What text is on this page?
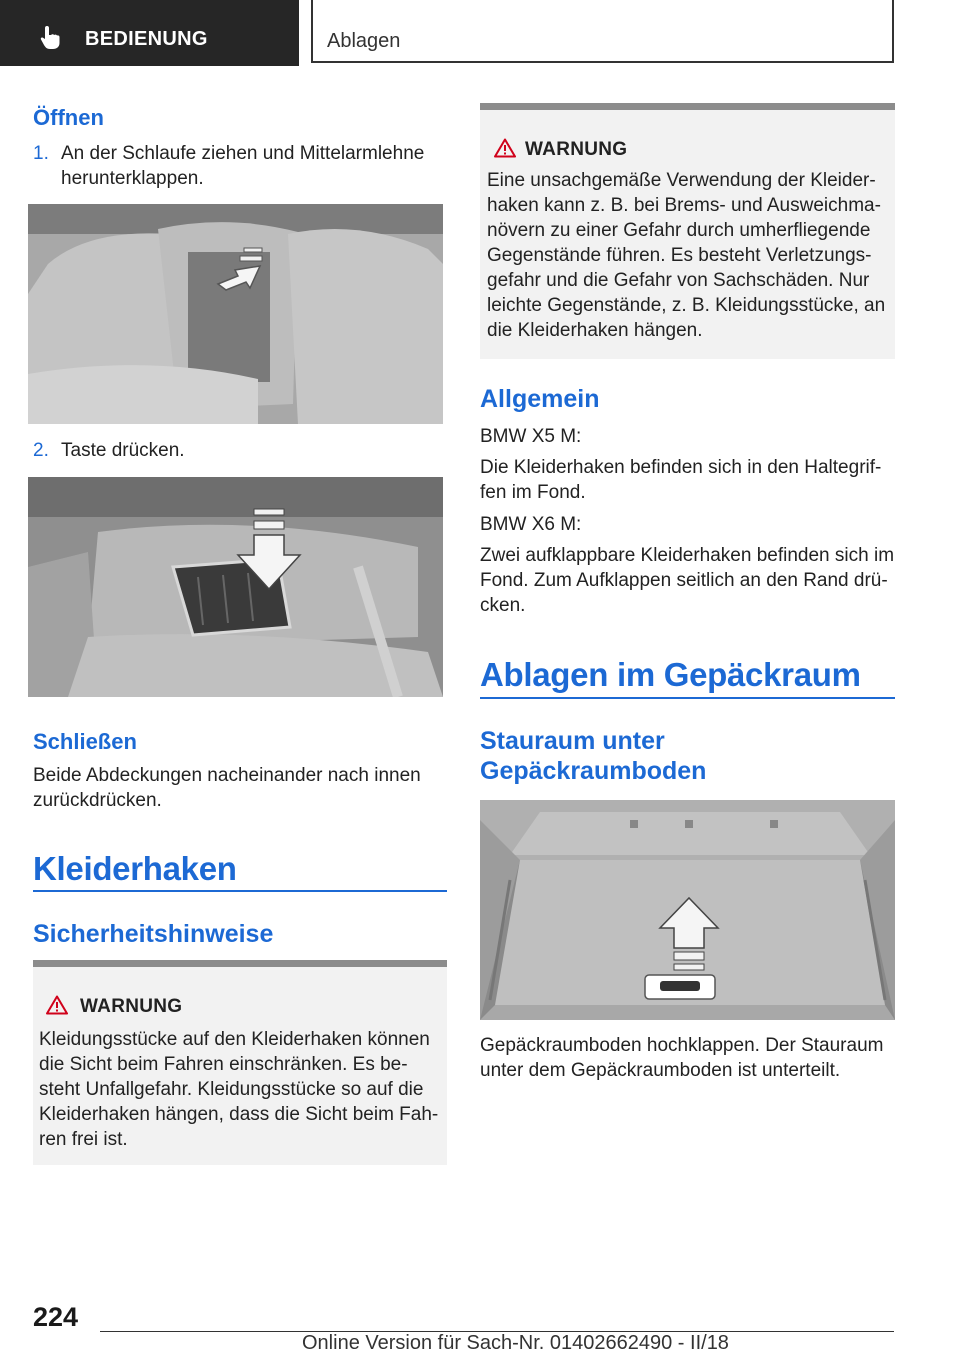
BEDIENUNG	Ablagen
Öffnen
1. An der Schlaufe ziehen und Mittelarmlehne
herunterklappen.
2. Taste drücken.
Schließen
Beide Abdeckungen nacheinander nach innen
zurückdrücken.
Kleiderhaken
Sicherheitshinweise
WARNUNG
Kleidungsstücke auf den Kleiderhaken können
die Sicht beim Fahren einschränken. Es be‐
steht Unfallgefahr. Kleidungsstücke so auf die
Kleiderhaken hängen, dass die Sicht beim Fah‐
ren frei ist.
WARNUNG
Eine unsachgemäße Verwendung der Kleider‐
haken kann z. B. bei Brems- und Ausweichma‐
növern zu einer Gefahr durch umherfliegende
Gegenstände führen. Es besteht Verletzungs‐
gefahr und die Gefahr von Sachschäden. Nur
leichte Gegenstände, z. B. Kleidungsstücke, an
die Kleiderhaken hängen.
Allgemein
BMW X5 M:
Die Kleiderhaken befinden sich in den Haltegrif‐
fen im Fond.
BMW X6 M:
Zwei aufklappbare Kleiderhaken befinden sich im
Fond. Zum Aufklappen seitlich an den Rand drü‐
cken.
Ablagen im Gepäckraum
Stauraum unter
Gepäckraumboden
Gepäckraumboden hochklappen. Der Stauraum
unter dem Gepäckraumboden ist unterteilt.
224
Online Version für Sach-Nr. 01402662490 - II/18
